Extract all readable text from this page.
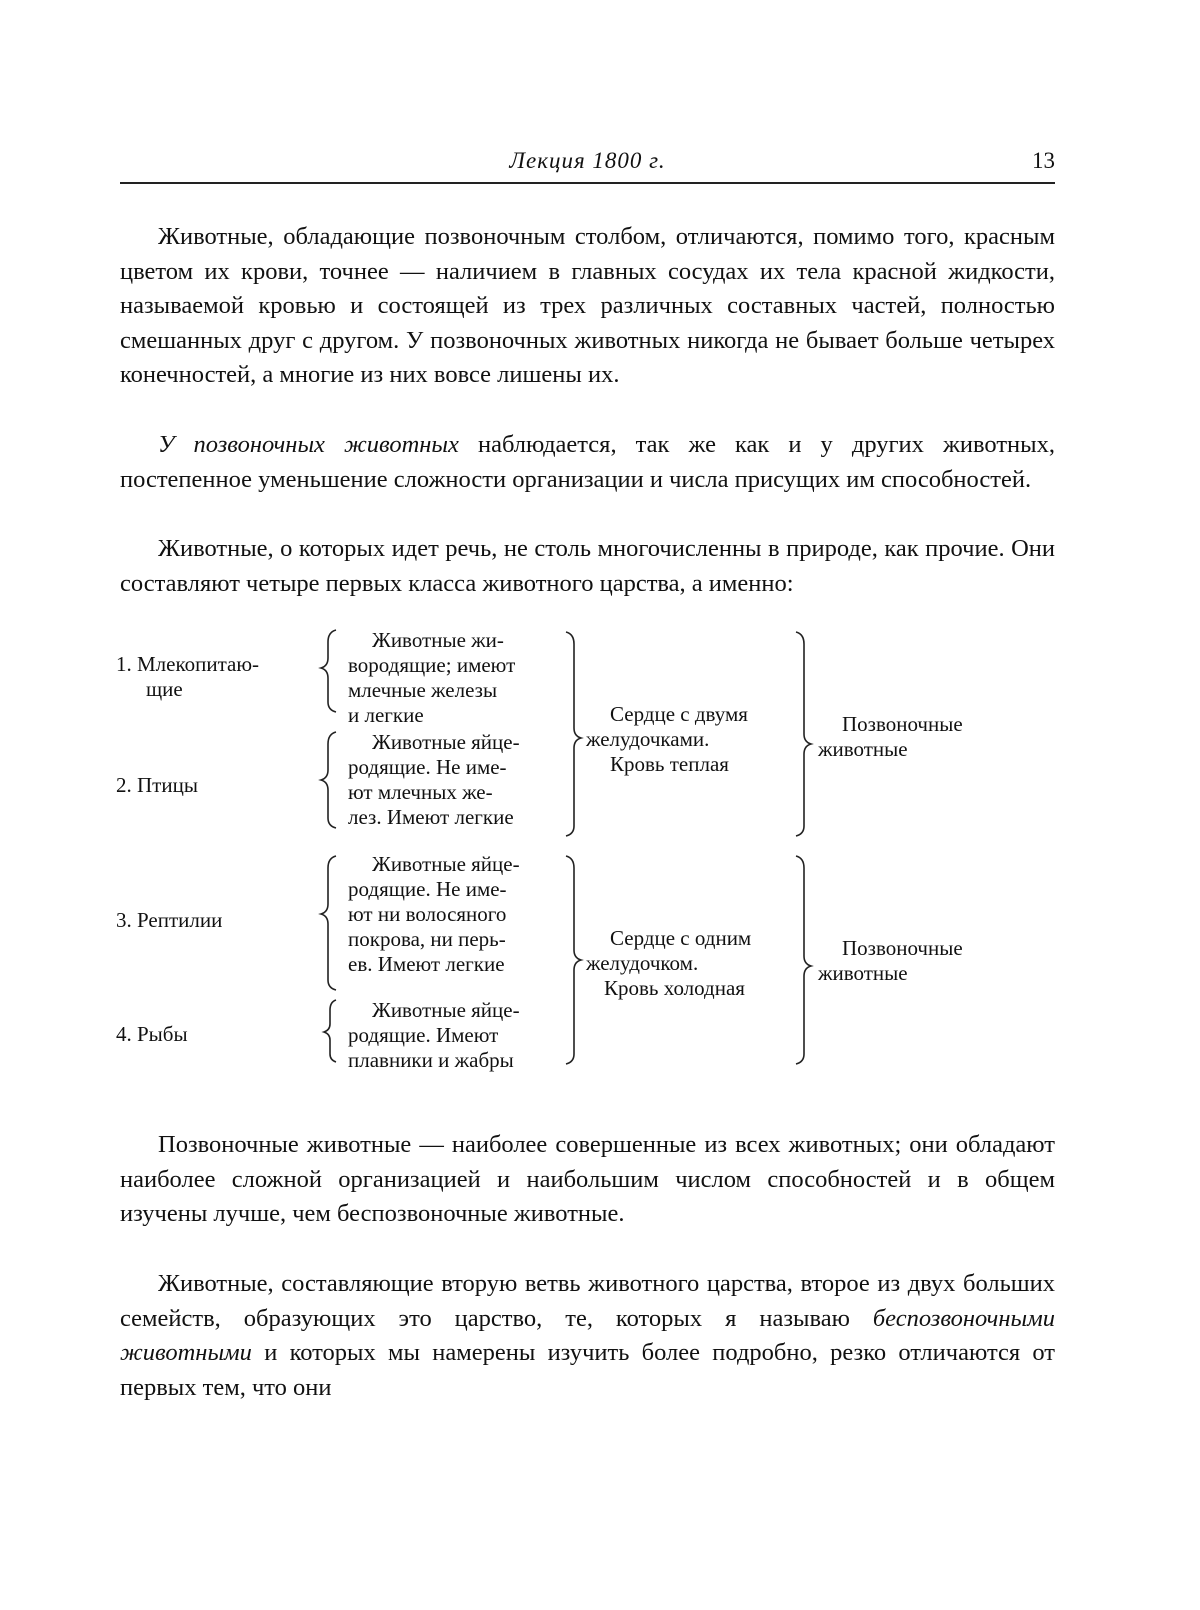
Лекция 1800 г.	13

Животные, обладающие позвоночным столбом, отличаются, помимо того, красным цветом их крови, точнее — наличием в главных сосудах их тела красной жидкости, называемой кровью и состоящей из трех различных составных частей, полностью смешанных друг с другом. У позвоночных животных никогда не бывает больше четырех конечностей, а многие из них вовсе лишены их.

У позвоночных животных наблюдается, так же как и у других животных, постепенное уменьшение сложности организации и числа присущих им способностей.

Животные, о которых идет речь, не столь многочисленны в природе, как прочие. Они составляют четыре первых класса животного царства, а именно:

1. Млекопитаю-
щие
2. Птицы
3. Рептилии
4. Рыбы
Животные жи-
вородящие; имеют
млечные железы
и легкие
Животные яйце-
родящие. Не име-
ют млечных же-
лез. Имеют легкие
Животные яйце-
родящие. Не име-
ют ни волосяного
покрова, ни перь-
ев. Имеют легкие
Животные яйце-
родящие. Имеют
плавники и жабры
Сердце с двумя
желудочками.
Кровь теплая
Сердце с одним
желудочком.
Кровь холодная
Позвоночные
животные
Позвоночные
животные

Позвоночные животные — наиболее совершенные из всех животных; они обладают наиболее сложной организацией и наибольшим числом способностей и в общем изучены лучше, чем беспозвоночные животные.

Животные, составляющие вторую ветвь животного царства, второе из двух больших семейств, образующих это царство, те, которых я называю беспозвоночными животными и которых мы намерены изучить более подробно, резко отличаются от первых тем, что они
